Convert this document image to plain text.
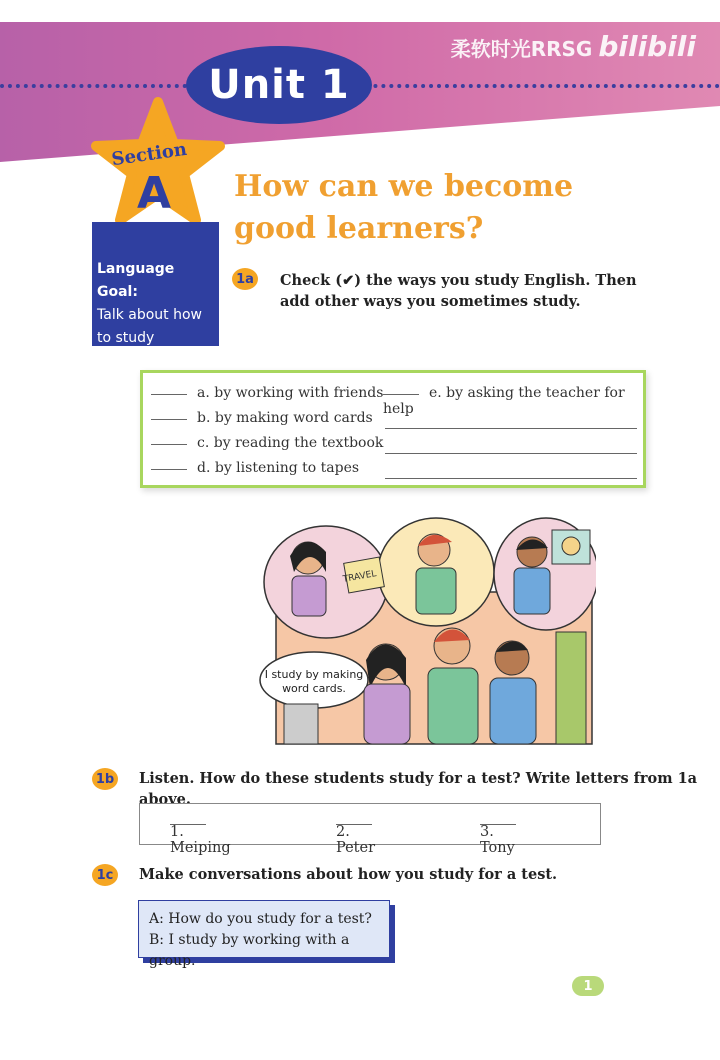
柔软时光RRSG bilibili
Unit 1
Section
A
Language Goal:
Talk about how to study
How can we become good learners?
1a Check (✔) the ways you study English. Then add other ways you sometimes study.
a. by working with friends
b. by making word cards
c. by reading the textbook
d. by listening to tapes
e. by asking the teacher for help
TRAVEL
I study by making
word cards.
1b Listen. How do these students study for a test? Write letters from 1a above.
1. Meiping
2. Peter
3. Tony
1c	Make conversations about how you study for a test.
A: How do you study for a test?
B: I study by working with a group.
1
